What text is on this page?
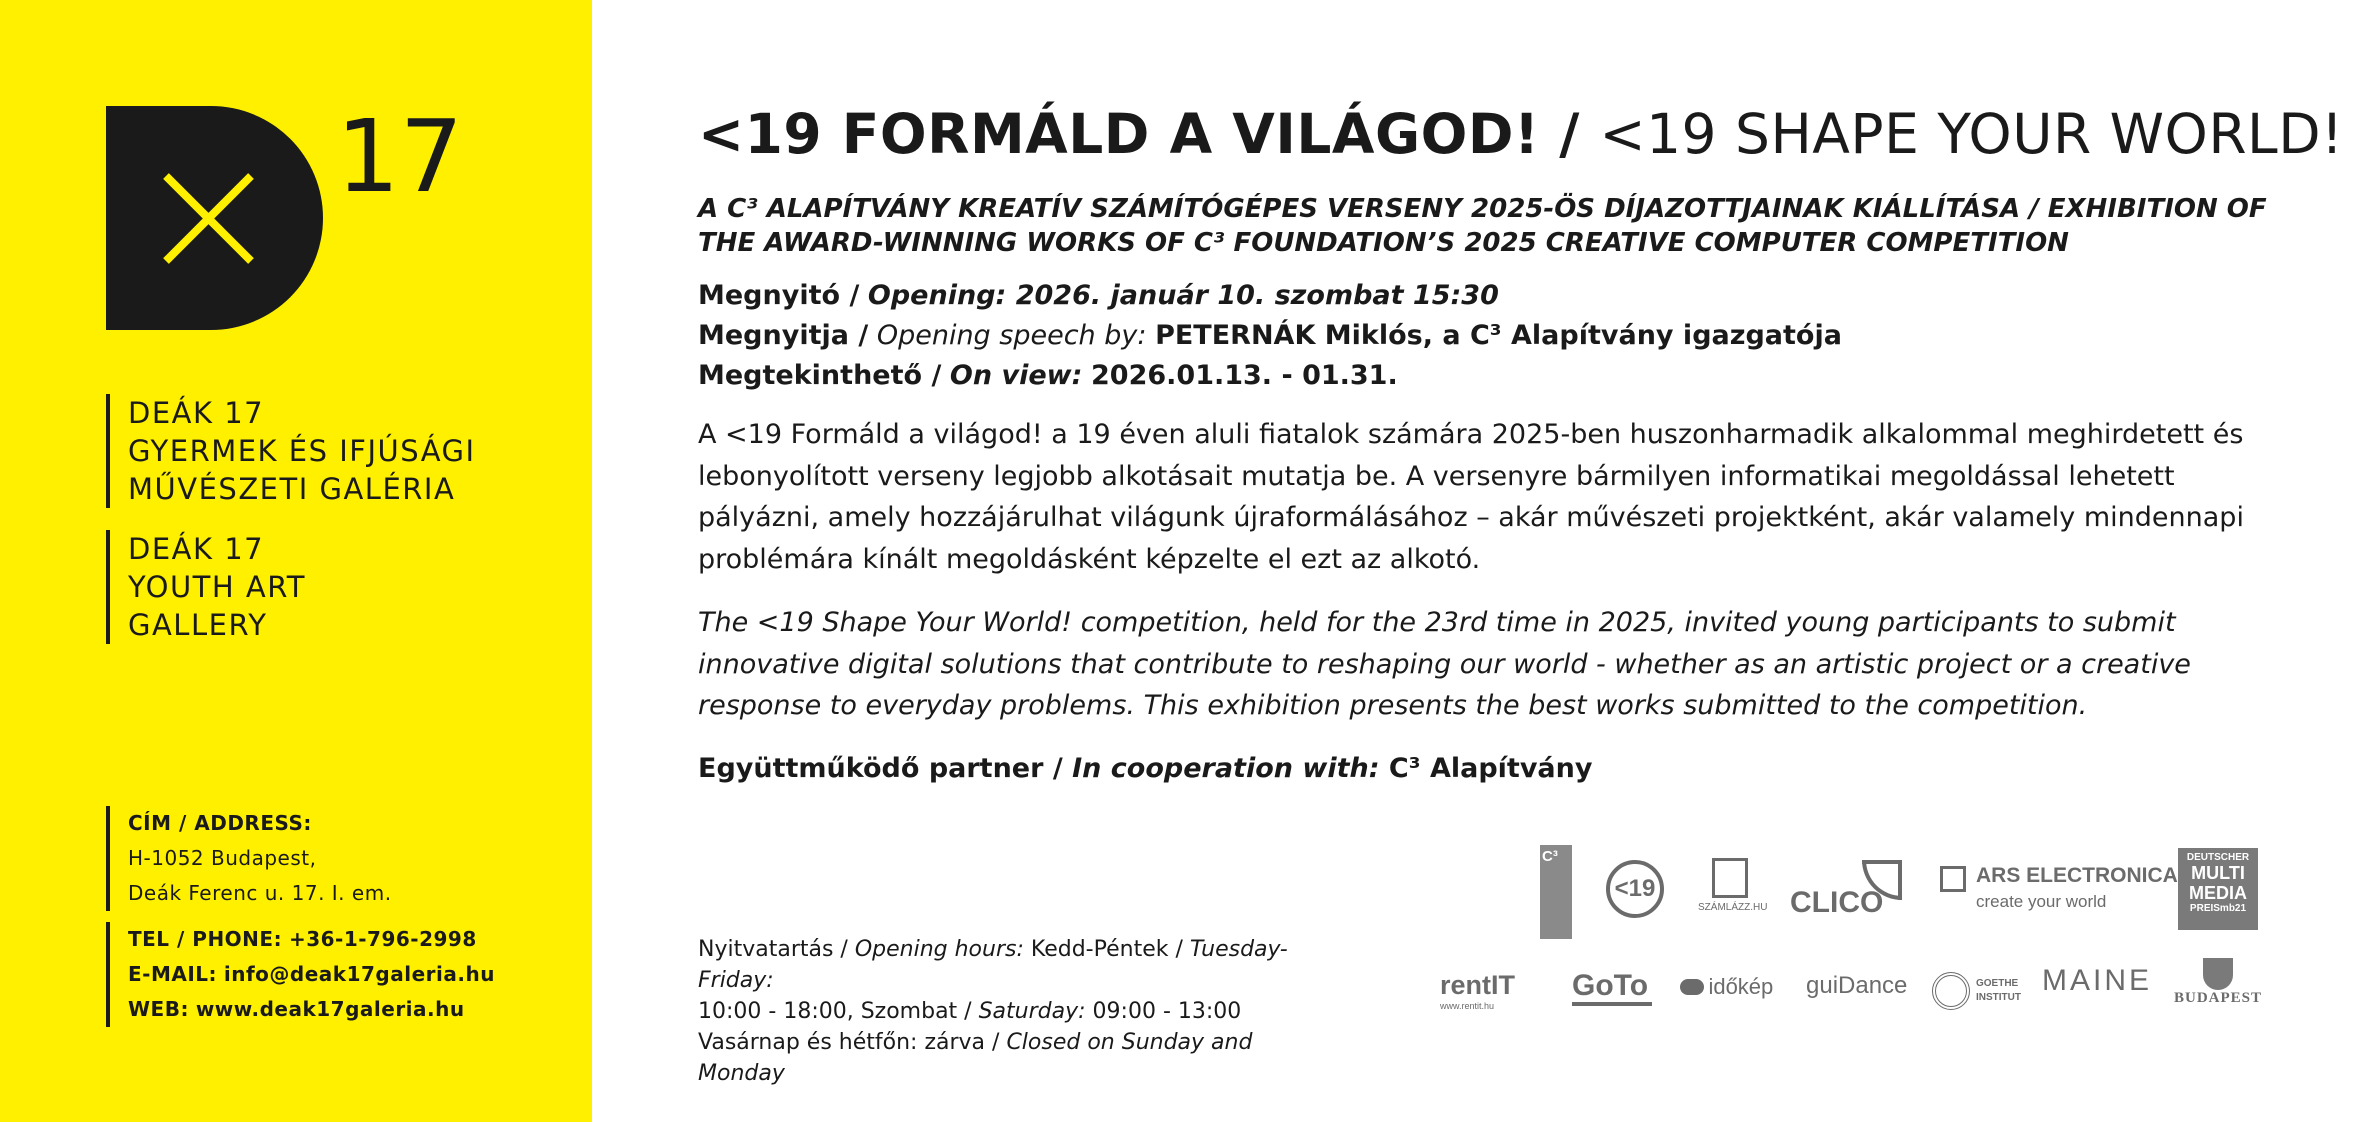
17
DEÁK 17
GYERMEK ÉS IFJÚSÁGI
MŰVÉSZETI GALÉRIA
DEÁK 17
YOUTH ART
GALLERY
CÍM / ADDRESS:
H-1052 Budapest,
Deák Ferenc u. 17. I. em.
TEL / PHONE: +36-1-796-2998
E-MAIL: info@deak17galeria.hu
WEB: www.deak17galeria.hu
<19 FORMÁLD A VILÁGOD! / <19 SHAPE YOUR WORLD!
A C³ ALAPÍTVÁNY KREATÍV SZÁMÍTÓGÉPES VERSENY 2025-ÖS DÍJAZOTTJAINAK KIÁLLÍTÁSA / EXHIBITION OF THE AWARD-WINNING WORKS OF C³ FOUNDATION’S 2025 CREATIVE COMPUTER COMPETITION
Megnyitó / Opening: 2026. január 10. szombat 15:30
Megnyitja / Opening speech by: PETERNÁK Miklós, a C³ Alapítvány igazgatója
Megtekinthető / On view: 2026.01.13. - 01.31.
A <19 Formáld a világod! a 19 éven aluli fiatalok számára 2025-ben huszonharmadik alkalommal meghirdetett és lebonyolított verseny legjobb alkotásait mutatja be. A versenyre bármilyen informatikai megoldással lehetett pályázni, amely hozzájárulhat világunk újraformálásához – akár művészeti projektként, akár valamely mindennapi problémára kínált megoldásként képzelte el ezt az alkotó.
The <19 Shape Your World! competition, held for the 23rd time in 2025, invited young participants to submit innovative digital solutions that contribute to reshaping our world - whether as an artistic project or a creative response to everyday problems. This exhibition presents the best works submitted to the competition.
Együttműködő partner / In cooperation with: C³ Alapítvány
Nyitvatartás / Opening hours: Kedd-Péntek / Tuesday-Friday:
10:00 - 18:00, Szombat / Saturday: 09:00 - 13:00
Vasárnap és hétfőn: zárva / Closed on Sunday and Monday
C³
<19
SZÁMLÁZZ.HU CLICO
ARS ELECTRONICA
create your world
DEUTSCHER
MULTI
MEDIA
PREISmb21
rentIT
www.rentit.hu
GoTo	időkép	guiDance	GOETHE
INSTITUT
MAINE
BUDAPEST
